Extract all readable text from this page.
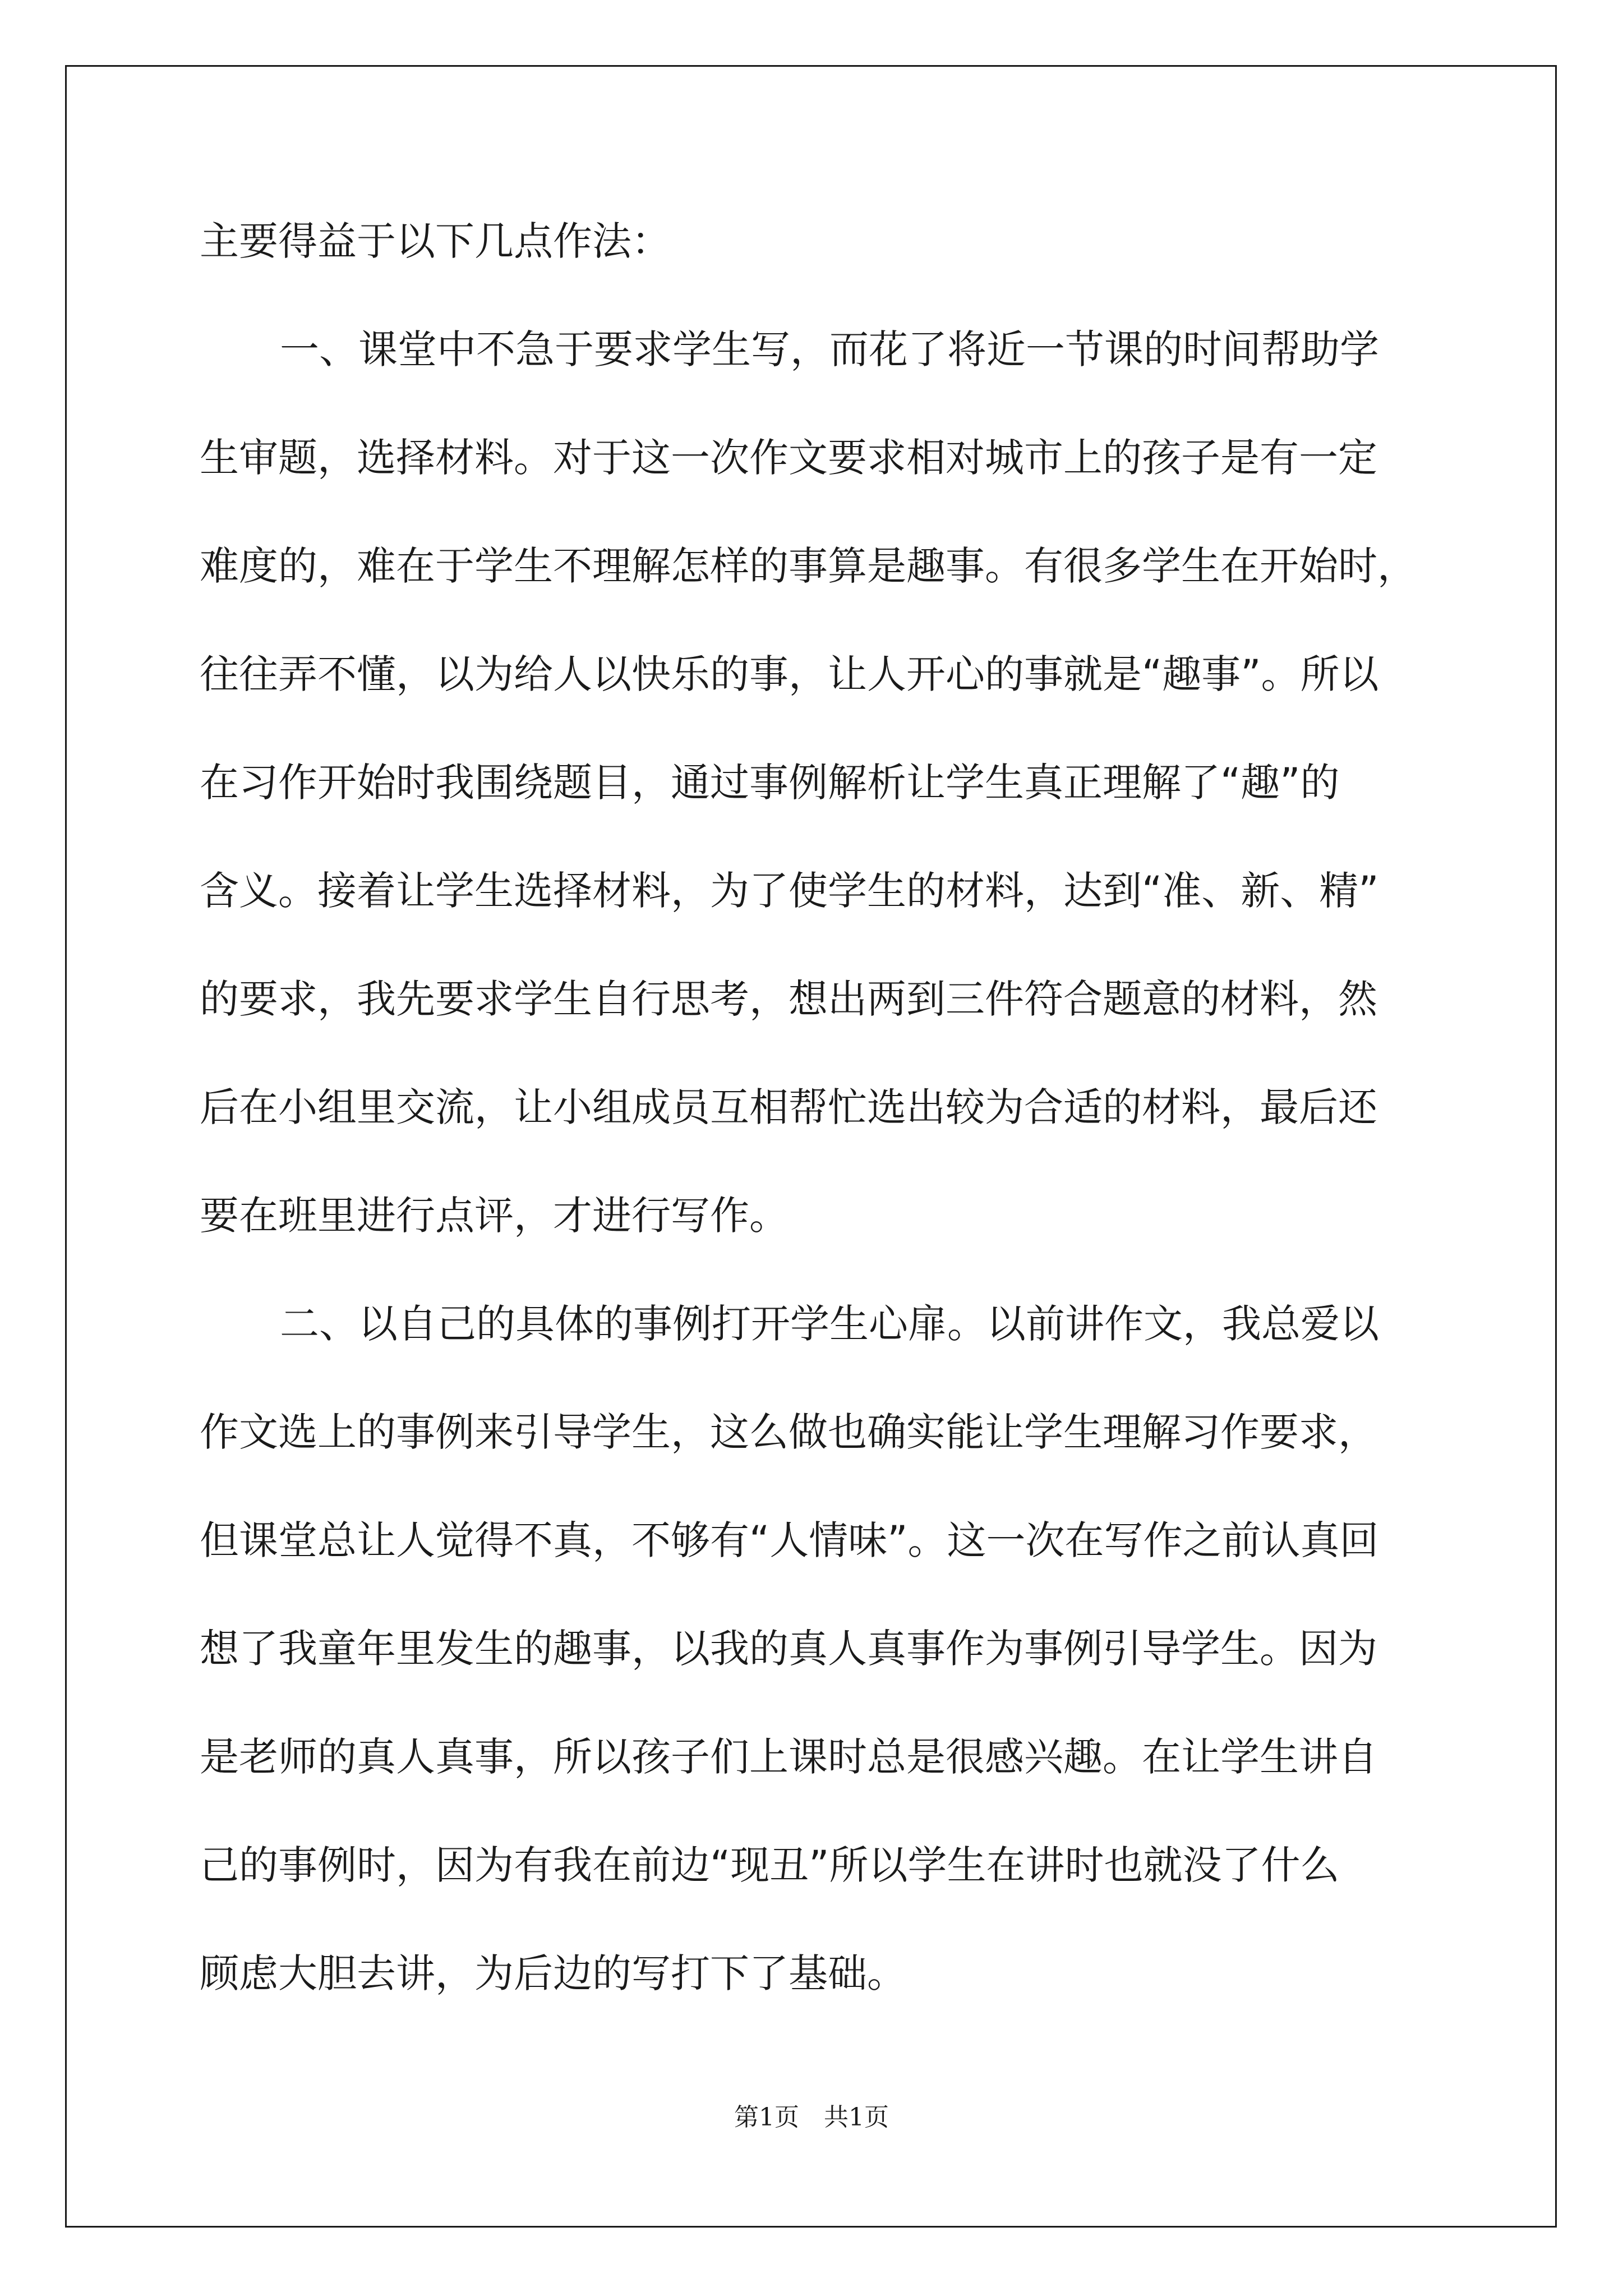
主要得益于以下几点作法：
一、课堂中不急于要求学生写，而花了将近一节课的时间帮助学
生审题，选择材料。对于这一次作文要求相对城市上的孩子是有一定
难度的，难在于学生不理解怎样的事算是趣事。有很多学生在开始时，
往往弄不懂，以为给人以快乐的事，让人开心的事就是“趣事”。所以
在习作开始时我围绕题目，通过事例解析让学生真正理解了“趣”的
含义。接着让学生选择材料，为了使学生的材料，达到“准、新、精”
的要求，我先要求学生自行思考，想出两到三件符合题意的材料，然
后在小组里交流，让小组成员互相帮忙选出较为合适的材料，最后还
要在班里进行点评，才进行写作。
二、以自己的具体的事例打开学生心扉。以前讲作文，我总爱以
作文选上的事例来引导学生，这么做也确实能让学生理解习作要求，
但课堂总让人觉得不真，不够有“人情味”。这一次在写作之前认真回
想了我童年里发生的趣事，以我的真人真事作为事例引导学生。因为
是老师的真人真事，所以孩子们上课时总是很感兴趣。在让学生讲自
己的事例时，因为有我在前边“现丑”所以学生在讲时也就没了什么
顾虑大胆去讲，为后边的写打下了基础。
第1页 共1页
